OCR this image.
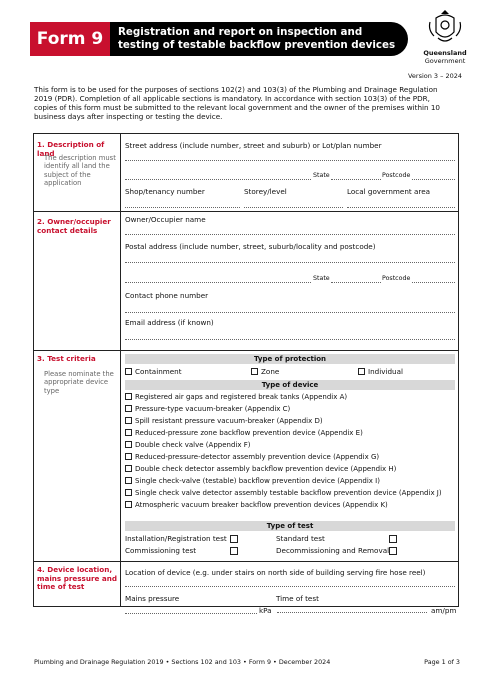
Form 9	Registration and report on inspection and testing of testable backflow prevention devices
Queensland
Government
Version 3 – 2024
This form is to be used for the purposes of sections 102(2) and 103(3) of the Plumbing and Drainage Regulation 2019 (PDR). Completion of all applicable sections is mandatory. In accordance with section 103(3) of the PDR, copies of this form must be submitted to the relevant local government and the owner of the premises within 10 business days after inspecting or testing the device.
1. Description of land
The description must identify all land the subject of the application
Street address (include number, street and suburb) or Lot/plan number
State	Postcode
Shop/tenancy number	Storey/level	Local government area
2. Owner/occupier contact details
Owner/Occupier name
Postal address (include number, street, suburb/locality and postcode)
State	Postcode
Contact phone number
Email address (if known)
3. Test criteria
Please nominate the appropriate device type
Type of protection
Containment	Zone	Individual
Type of device
Registered air gaps and registered break tanks (Appendix A)
Pressure-type vacuum-breaker (Appendix C)
Spill resistant pressure vacuum-breaker (Appendix D)
Reduced-pressure zone backflow prevention device (Appendix E)
Double check valve (Appendix F)
Reduced-pressure-detector assembly prevention device (Appendix G)
Double check detector assembly backflow prevention device (Appendix H)
Single check-valve (testable) backflow prevention device (Appendix I)
Single check valve detector assembly testable backflow prevention device (Appendix J)
Atmospheric vacuum breaker backflow prevention devices (Appendix K)
Type of test
Installation/Registration test	Standard test
Commissioning test	Decommissioning and Removal
4. Device location, mains pressure and time of test
Location of device (e.g. under stairs on north side of building serving fire hose reel)
Mains pressure	Time of test
kPa	am/pm
Plumbing and Drainage Regulation 2019 • Sections 102 and 103 • Form 9 • December 2024	Page 1 of 3
